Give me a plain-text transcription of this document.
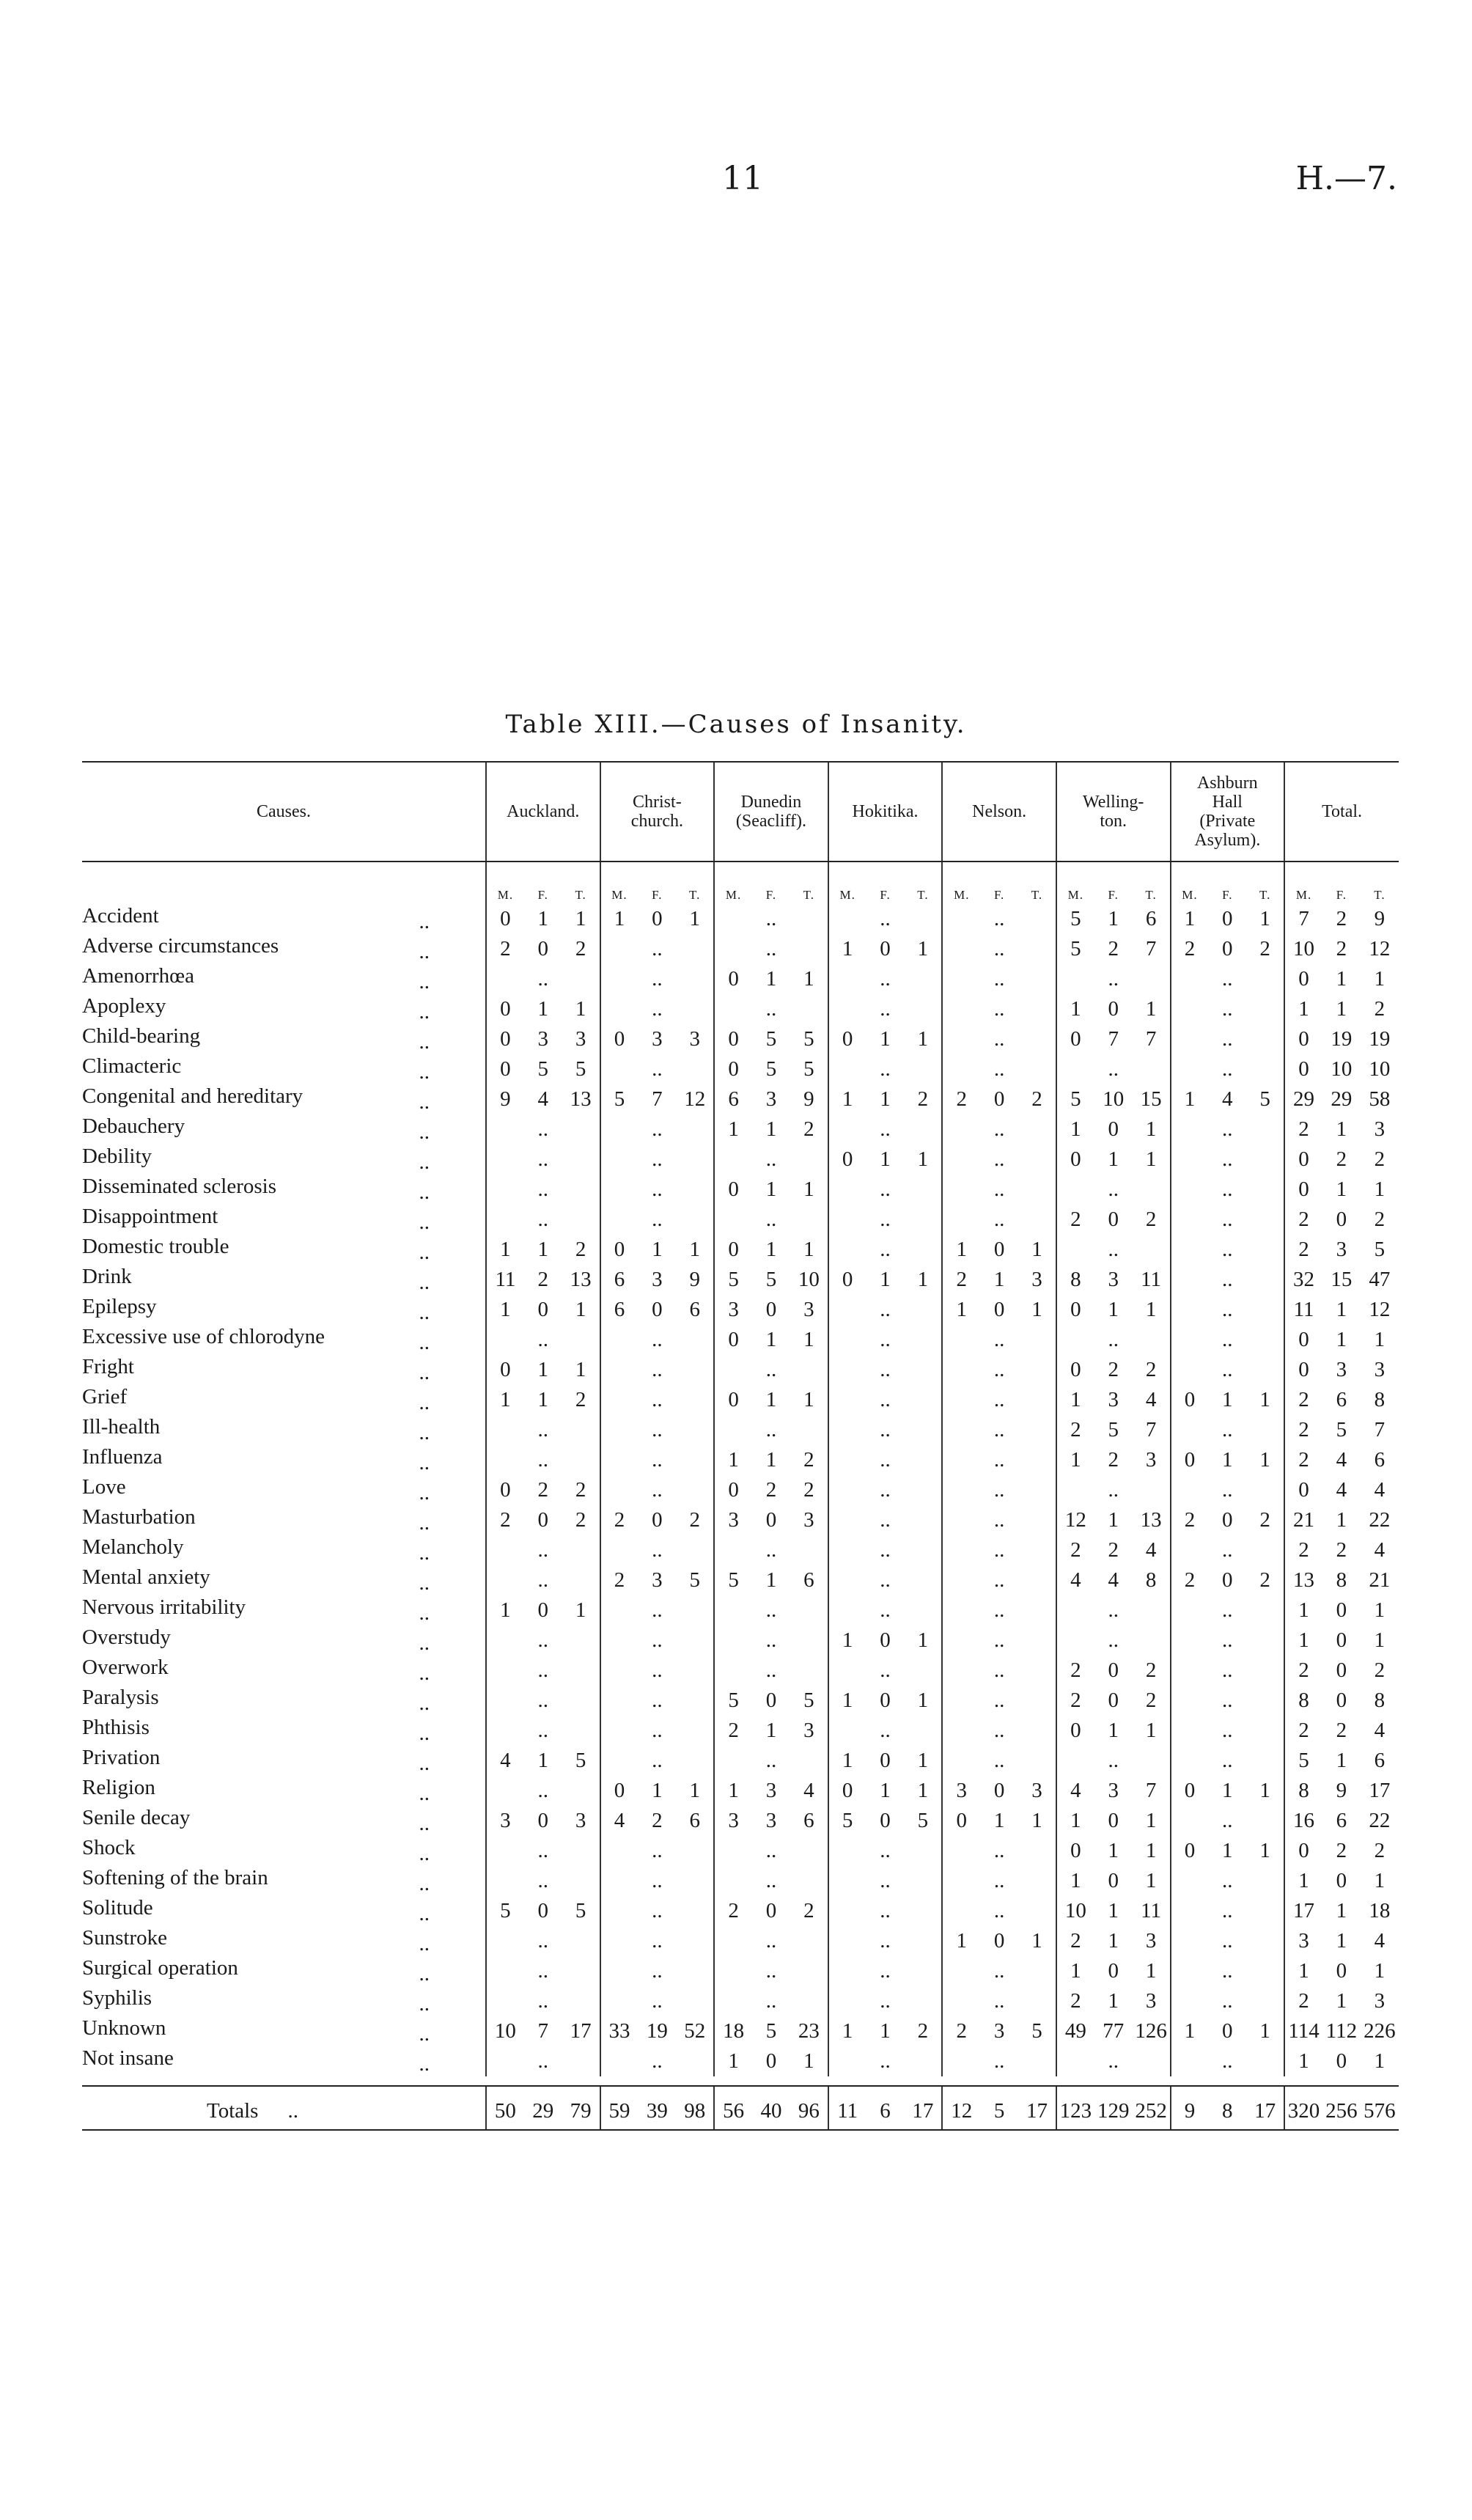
11	H.—7.
Table XIII.—Causes of Insanity.
Causes.	Auckland.			Christ-
church.			Dunedin
(Seacliff).			Hokitika.			Nelson.			Welling-
ton.			Ashburn
Hall
(Private
Asylum).			Total.		
	M.	F.	T.	M.	F.	T.	M.	F.	T.	M.	F.	T.	M.	F.	T.	M.	F.	T.	M.	F.	T.	M.	F.	T.
Accident ..	0	1	1	1	0	1		..			..			..		5	1	6	1	0	1	7	2	9
Adverse circumstances ..	2	0	2		..			..		1	0	1		..		5	2	7	2	0	2	10	2	12
Amenorrhœa ..		..			..		0	1	1		..			..			..			..		0	1	1
Apoplexy ..	0	1	1		..			..			..			..		1	0	1		..		1	1	2
Child-bearing ..	0	3	3	0	3	3	0	5	5	0	1	1		..		0	7	7		..		0	19	19
Climacteric ..	0	5	5		..		0	5	5		..			..			..			..		0	10	10
Congenital and hereditary ..	9	4	13	5	7	12	6	3	9	1	1	2	2	0	2	5	10	15	1	4	5	29	29	58
Debauchery ..		..			..		1	1	2		..			..		1	0	1		..		2	1	3
Debility ..		..			..			..		0	1	1		..		0	1	1		..		0	2	2
Disseminated sclerosis ..		..			..		0	1	1		..			..			..			..		0	1	1
Disappointment ..		..			..			..			..			..		2	0	2		..		2	0	2
Domestic trouble ..	1	1	2	0	1	1	0	1	1		..		1	0	1		..			..		2	3	5
Drink ..	11	2	13	6	3	9	5	5	10	0	1	1	2	1	3	8	3	11		..		32	15	47
Epilepsy ..	1	0	1	6	0	6	3	0	3		..		1	0	1	0	1	1		..		11	1	12
Excessive use of chlorodyne ..		..			..		0	1	1		..			..			..			..		0	1	1
Fright ..	0	1	1		..			..			..			..		0	2	2		..		0	3	3
Grief ..	1	1	2		..		0	1	1		..			..		1	3	4	0	1	1	2	6	8
Ill-health ..		..			..			..			..			..		2	5	7		..		2	5	7
Influenza ..		..			..		1	1	2		..			..		1	2	3	0	1	1	2	4	6
Love ..	0	2	2		..		0	2	2		..			..			..			..		0	4	4
Masturbation ..	2	0	2	2	0	2	3	0	3		..			..		12	1	13	2	0	2	21	1	22
Melancholy ..		..			..			..			..			..		2	2	4		..		2	2	4
Mental anxiety ..		..		2	3	5	5	1	6		..			..		4	4	8	2	0	2	13	8	21
Nervous irritability ..	1	0	1		..			..			..			..			..			..		1	0	1
Overstudy ..		..			..			..		1	0	1		..			..			..		1	0	1
Overwork ..		..			..			..			..			..		2	0	2		..		2	0	2
Paralysis ..		..			..		5	0	5	1	0	1		..		2	0	2		..		8	0	8
Phthisis ..		..			..		2	1	3		..			..		0	1	1		..		2	2	4
Privation ..	4	1	5		..			..		1	0	1		..			..			..		5	1	6
Religion ..		..		0	1	1	1	3	4	0	1	1	3	0	3	4	3	7	0	1	1	8	9	17
Senile decay ..	3	0	3	4	2	6	3	3	6	5	0	5	0	1	1	1	0	1		..		16	6	22
Shock ..		..			..			..			..			..		0	1	1	0	1	1	0	2	2
Softening of the brain ..		..			..			..			..			..		1	0	1		..		1	0	1
Solitude ..	5	0	5		..		2	0	2		..			..		10	1	11		..		17	1	18
Sunstroke ..		..			..			..			..		1	0	1	2	1	3		..		3	1	4
Surgical operation ..		..			..			..			..			..		1	0	1		..		1	0	1
Syphilis ..		..			..			..			..			..		2	1	3		..		2	1	3
Unknown ..	10	7	17	33	19	52	18	5	23	1	1	2	2	3	5	49	77	126	1	0	1	114	112	226
Not insane ..		..			..		1	0	1		..			..			..			..		1	0	1

Totals ..	50	29	79	59	39	98	56	40	96	11	6	17	12	5	17	123	129	252	9	8	17	320	256	576
